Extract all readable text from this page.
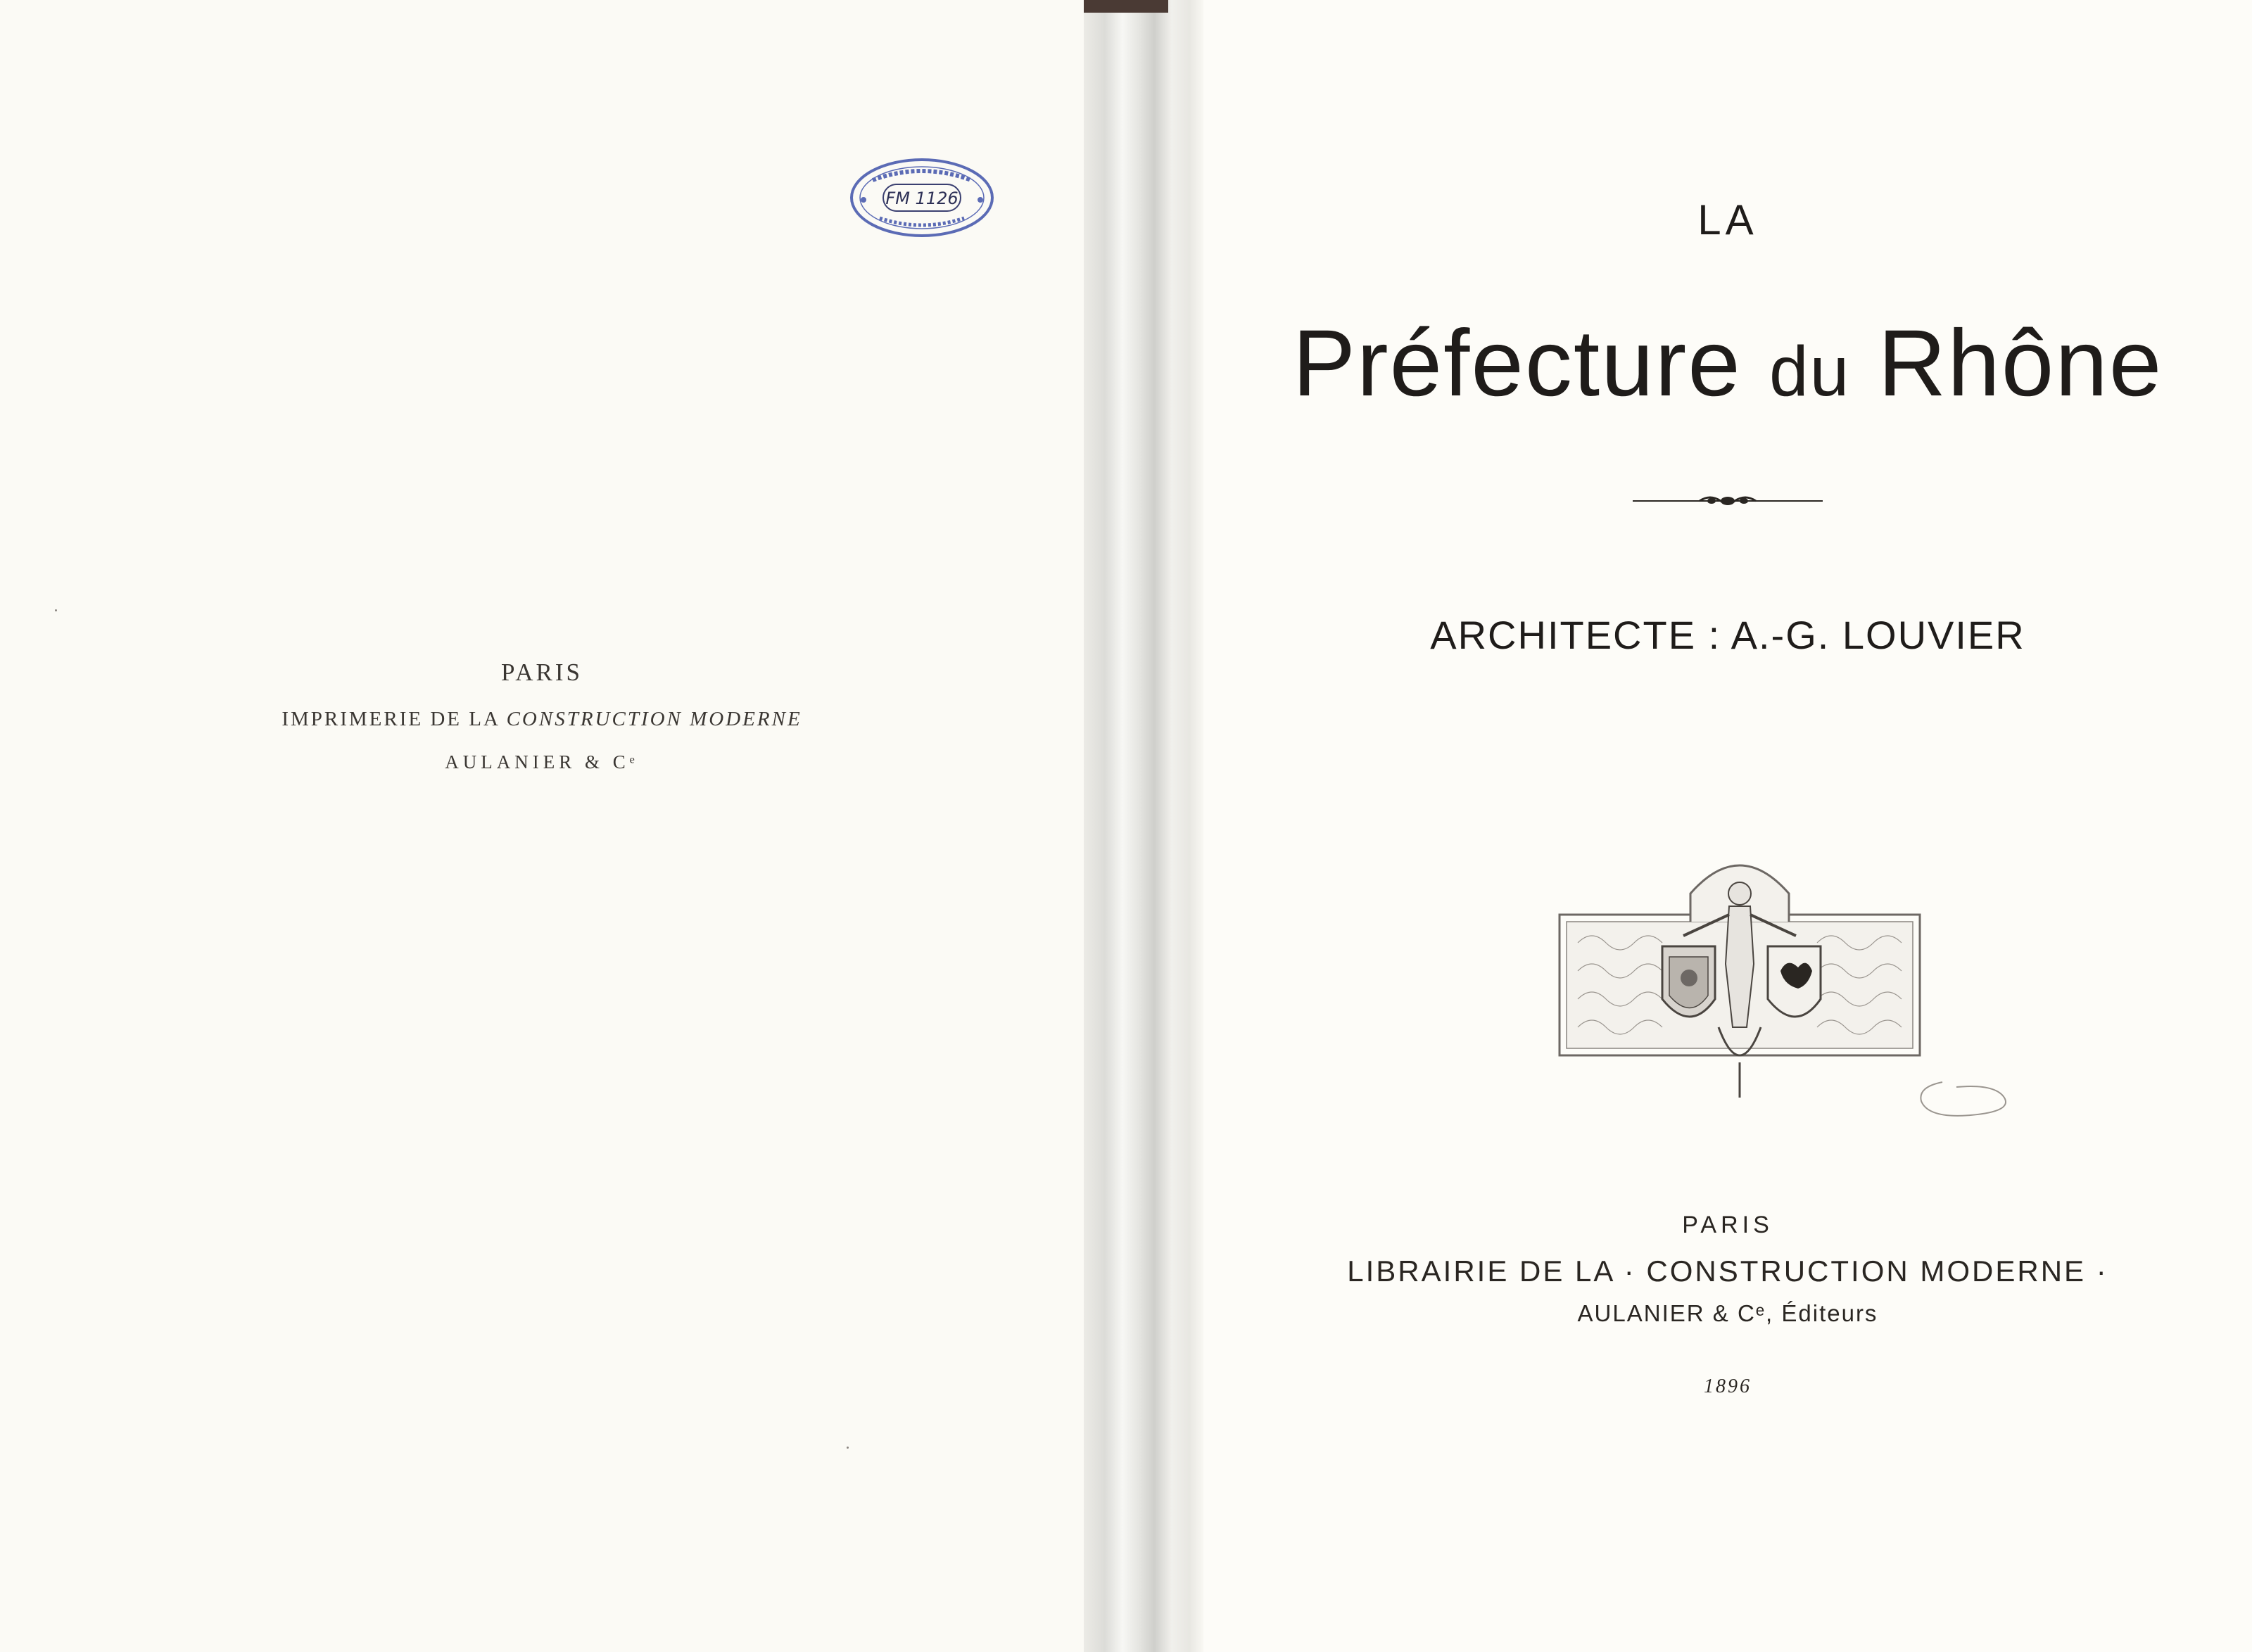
FM 1126
PARIS
IMPRIMERIE DE LA CONSTRUCTION MODERNE
AULANIER & Cᵉ
LA
Préfecture du Rhône
ARCHITECTE : A.-G. LOUVIER
PARIS
LIBRAIRIE DE LA · CONSTRUCTION MODERNE ·
AULANIER & Cᵉ, Éditeurs
1896
